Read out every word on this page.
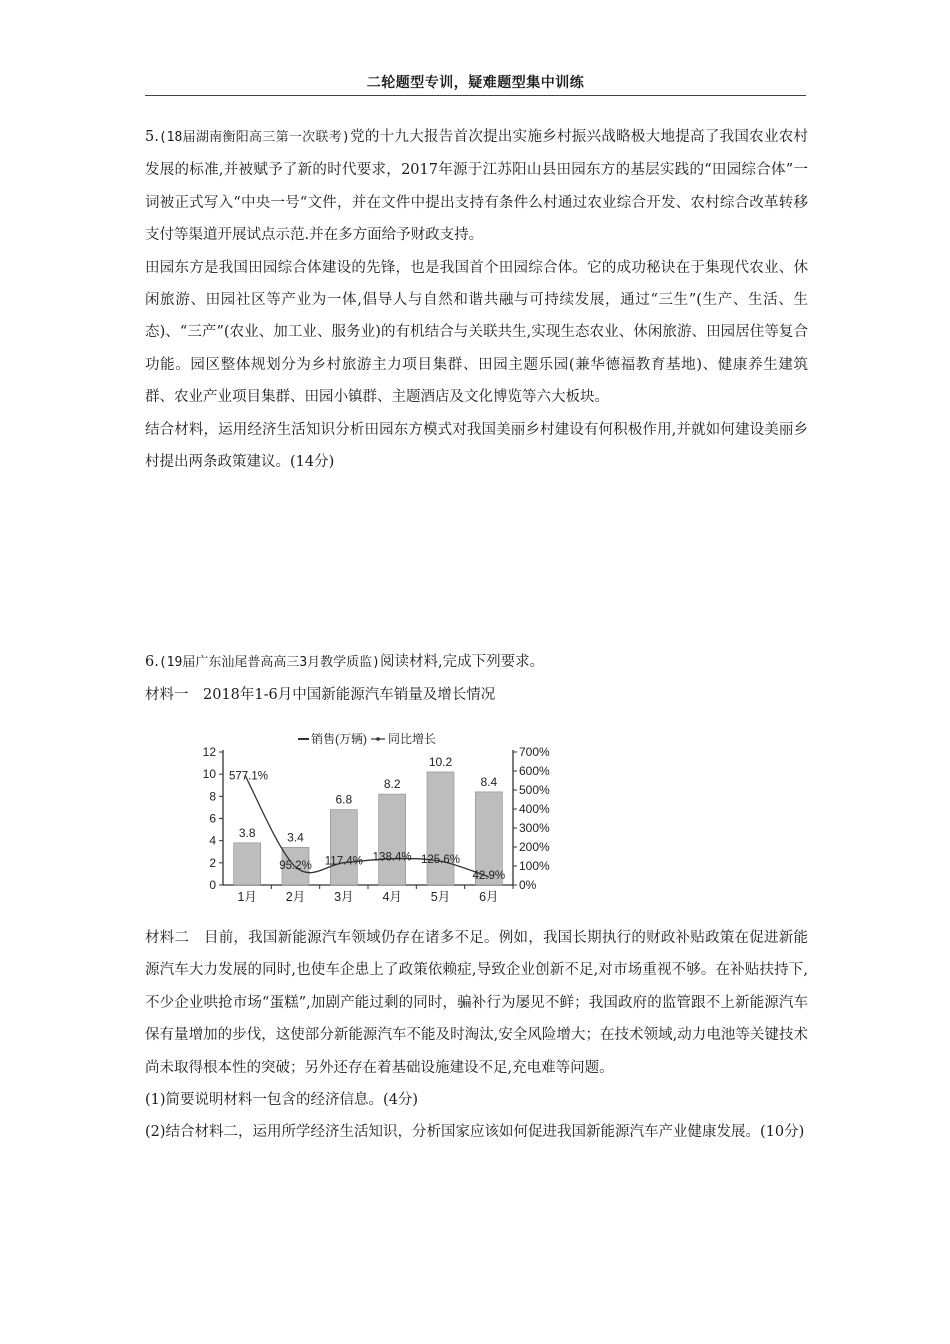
二轮题型专训，疑难题型集中训练

5.(18届湖南衡阳高三第一次联考)党的十九大报告首次提出实施乡村振兴战略极大地提高了我国农业农村发展的标准,并被赋予了新的时代要求，2017年源于江苏阳山县田园东方的基层实践的“田园综合体”一词被正式写入“中央一号“文件，并在文件中提出支持有条件么村通过农业综合开发、农村综合改革转移支付等渠道开展试点示范.并在多方面给予财政支持。

田园东方是我国田园综合体建设的先锋，也是我国首个田园综合体。它的成功秘诀在于集现代农业、休闲旅游、田园社区等产业为一体,倡导人与自然和谐共融与可持续发展，通过“三生”(生产、生活、生态)、“三产”(农业、加工业、服务业)的有机结合与关联共生,实现生态农业、休闲旅游、田园居住等复合功能。园区整体规划分为乡村旅游主力项目集群、田园主题乐园(兼华德福教育基地)、健康养生建筑群、农业产业项目集群、田园小镇群、主题酒店及文化博览等六大板块。

结合材料，运用经济生活知识分析田园东方模式对我国美丽乡村建设有何积极作用,并就如何建设美丽乡村提出两条政策建议。(14分)

6.(19届广东汕尾普高高三3月教学质监)阅读材料,完成下列要求。

材料一　2018年1-6月中国新能源汽车销量及增长情况

销售(万辆) 同比增长
0
2
4
6
8
10
12
0%
100%
200%
300%
400%
500%
600%
700%
3.8	3.4
6.8
8.2
10.2
8.4
577.1%
95.2% 117.4% 138.4% 125.6%
42.9%
1月 2月 3月 4月 5月 6月

材料二　目前，我国新能源汽车领域仍存在诸多不足。例如，我国长期执行的财政补贴政策在促进新能源汽车大力发展的同时,也使车企患上了政策依赖症,导致企业创新不足,对市场重视不够。在补贴扶持下,不少企业哄抢市场“蛋糕”,加剧产能过剩的同时，骗补行为屡见不鲜；我国政府的监管跟不上新能源汽车保有量增加的步伐，这使部分新能源汽车不能及时淘汰,安全风险增大；在技术领域,动力电池等关键技术尚未取得根本性的突破；另外还存在着基础设施建设不足,充电难等问题。

(1)简要说明材料一包含的经济信息。(4分)

(2)结合材料二，运用所学经济生活知识，分析国家应该如何促进我国新能源汽车产业健康发展。(10分)
